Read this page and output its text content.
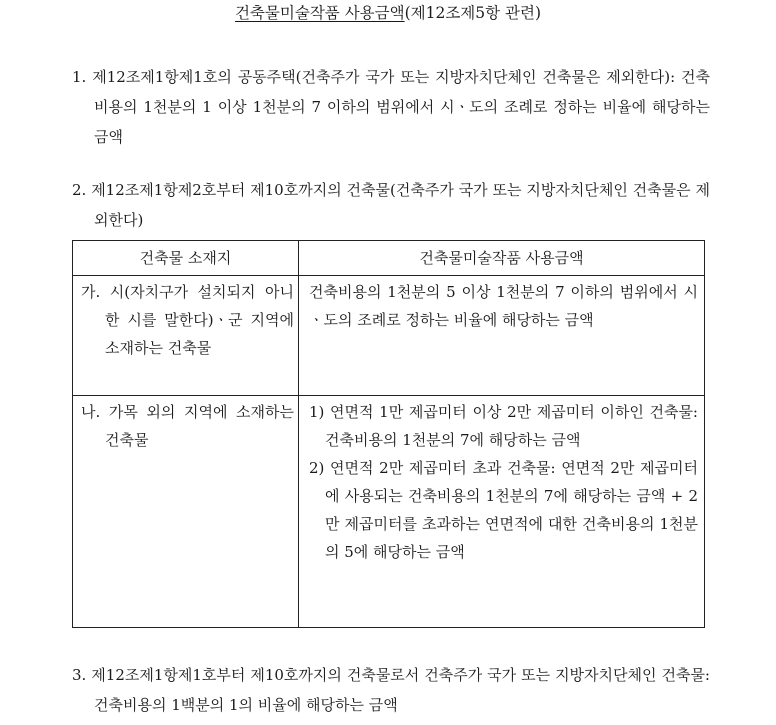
건축물미술작품 사용금액(제12조제5항 관련)
1. 제12조제1항제1호의 공동주택(건축주가 국가 또는 지방자치단체인 건축물은 제외한다): 건축비용의 1천분의 1 이상 1천분의 7 이하의 범위에서 시ㆍ도의 조례로 정하는 비율에 해당하는 금액
2. 제12조제1항제2호부터 제10호까지의 건축물(건축주가 국가 또는 지방자치단체인 건축물은 제외한다)
건축물 소재지	건축물미술작품 사용금액

가. 시(자치구가 설치되지 아니한 시를 말한다)ㆍ군 지역에 소재하는 건축물	건축비용의 1천분의 5 이상 1천분의 7 이하의 범위에서 시ㆍ도의 조례로 정하는 비율에 해당하는 금액

나. 가목 외의 지역에 소재하는 건축물	1) 연면적 1만 제곱미터 이상 2만 제곱미터 이하인 건축물: 건축비용의 1천분의 7에 해당하는 금액
2) 연면적 2만 제곱미터 초과 건축물: 연면적 2만 제곱미터에 사용되는 건축비용의 1천분의 7에 해당하는 금액 + 2만 제곱미터를 초과하는 연면적에 대한 건축비용의 1천분의 5에 해당하는 금액
3. 제12조제1항제1호부터 제10호까지의 건축물로서 건축주가 국가 또는 지방자치단체인 건축물: 건축비용의 1백분의 1의 비율에 해당하는 금액
